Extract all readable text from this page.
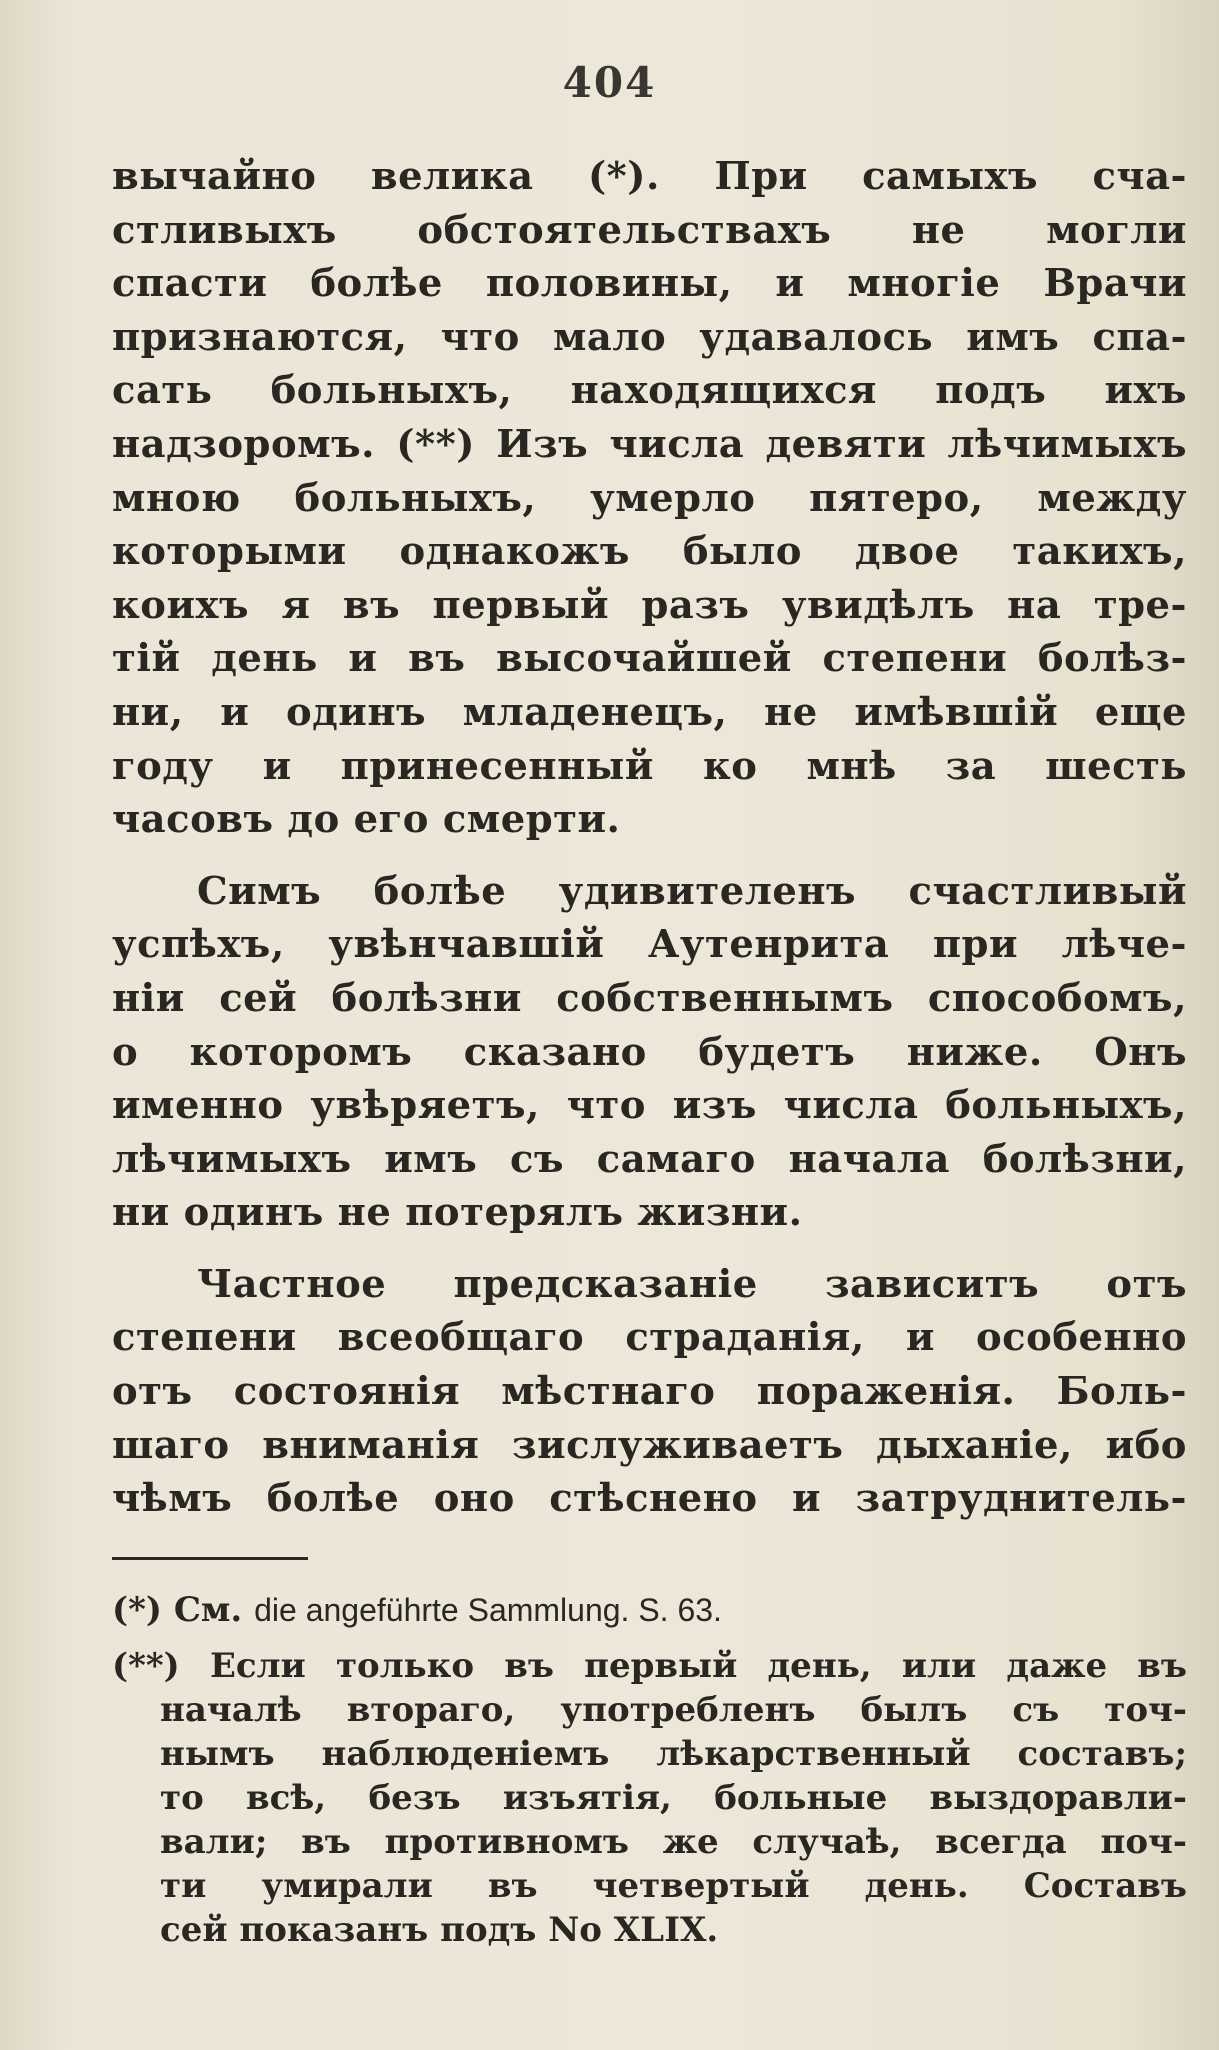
404

вычайно велика (*). При самыхъ сча-
стливыхъ обстоятельствахъ не могли
спасти болѣе половины, и многіе Врачи
признаются, что мало удавалось имъ спа-
сать больныхъ, находящихся подъ ихъ
надзоромъ. (**) Изъ числа девяти лѣчимыхъ
мною больныхъ, умерло пятеро, между
которыми однакожъ было двое такихъ,
коихъ я въ первый разъ увидѣлъ на тре-
тій день и въ высочайшей степени болѣз-
ни, и одинъ младенецъ, не имѣвшій еще
году и принесенный ко мнѣ за шесть
часовъ до его смерти.

Симъ болѣе удивителенъ счастливый
успѣхъ, увѣнчавшій Аутенрита при лѣче-
ніи сей болѣзни собственнымъ способомъ,
о которомъ сказано будетъ ниже. Онъ
именно увѣряетъ, что изъ числа больныхъ,
лѣчимыхъ имъ съ самаго начала болѣзни,
ни одинъ не потерялъ жизни.

Частное предсказаніе зависитъ отъ
степени всеобщаго страданія, и особенно
отъ состоянія мѣстнаго пораженія. Боль-
шаго вниманія зислуживаетъ дыханіе, ибо
чѣмъ болѣе оно стѣснено и затруднитель-

(*) См. die angeführte Sammlung. S. 63.
(**) Если только въ первый день, или даже въ
началѣ втораго, употребленъ былъ съ точ-
нымъ наблюденіемъ лѣкарственный составъ;
то всѣ, безъ изъятія, больные выздоравли-
вали; въ противномъ же случаѣ, всегда поч-
ти умирали въ четвертый день. Составъ
сей показанъ подъ No XLIX.
